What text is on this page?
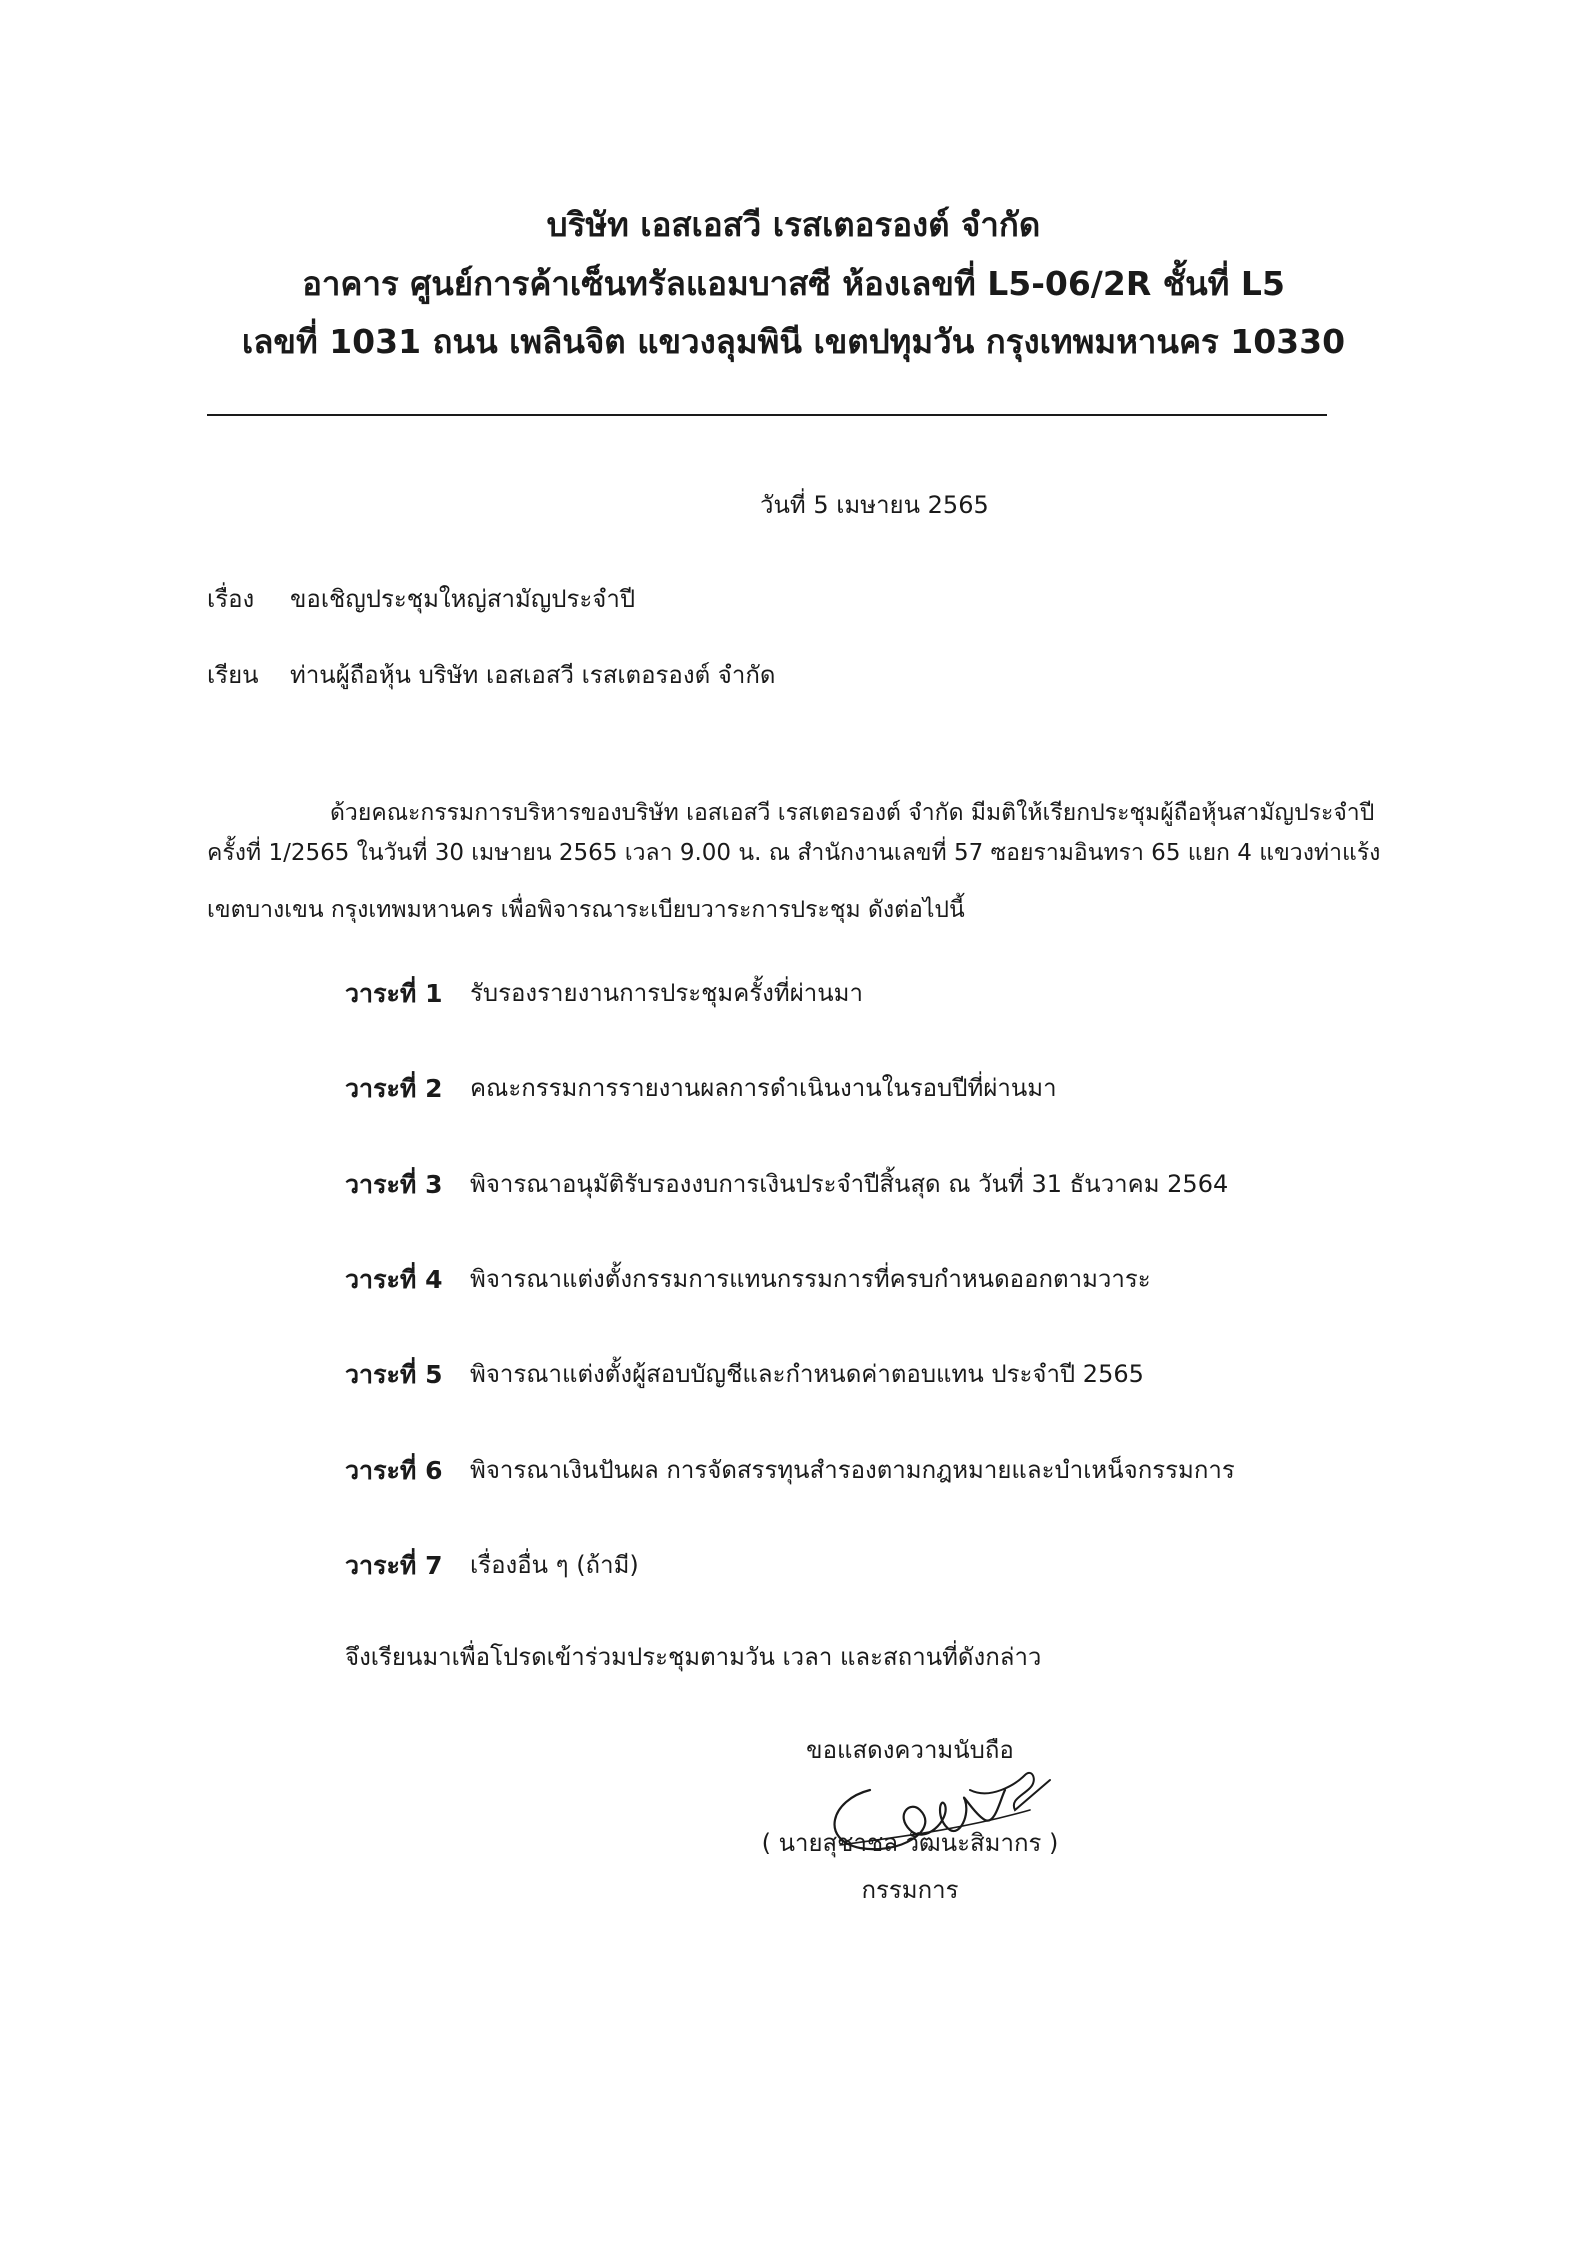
บริษัท เอสเอสวี เรสเตอรองต์ จำกัด
อาคาร ศูนย์การค้าเซ็นทรัลแอมบาสซี ห้องเลขที่ L5-06/2R ชั้นที่ L5
เลขที่ 1031 ถนน เพลินจิต แขวงลุมพินี เขตปทุมวัน กรุงเทพมหานคร 10330
วันที่ 5 เมษายน 2565
เรื่อง ขอเชิญประชุมใหญ่สามัญประจำปี
เรียน ท่านผู้ถือหุ้น บริษัท เอสเอสวี เรสเตอรองต์ จำกัด
ด้วยคณะกรรมการบริหารของบริษัท เอสเอสวี เรสเตอรองต์ จำกัด มีมติให้เรียกประชุมผู้ถือหุ้นสามัญประจำปี
ครั้งที่ 1/2565 ในวันที่ 30 เมษายน 2565 เวลา 9.00 น. ณ สำนักงานเลขที่ 57 ซอยรามอินทรา 65 แยก 4 แขวงท่าแร้ง
เขตบางเขน กรุงเทพมหานคร เพื่อพิจารณาระเบียบวาระการประชุม ดังต่อไปนี้
วาระที่ 1 รับรองรายงานการประชุมครั้งที่ผ่านมา
วาระที่ 2 คณะกรรมการรายงานผลการดำเนินงานในรอบปีที่ผ่านมา
วาระที่ 3 พิจารณาอนุมัติรับรองงบการเงินประจำปีสิ้นสุด ณ วันที่ 31 ธันวาคม 2564
วาระที่ 4 พิจารณาแต่งตั้งกรรมการแทนกรรมการที่ครบกำหนดออกตามวาระ
วาระที่ 5 พิจารณาแต่งตั้งผู้สอบบัญชีและกำหนดค่าตอบแทน ประจำปี 2565
วาระที่ 6 พิจารณาเงินปันผล การจัดสรรทุนสำรองตามกฎหมายและบำเหน็จกรรมการ
วาระที่ 7 เรื่องอื่น ๆ (ถ้ามี)
จึงเรียนมาเพื่อโปรดเข้าร่วมประชุมตามวัน เวลา และสถานที่ดังกล่าว
ขอแสดงความนับถือ
( นายสุชาชล วัฒนะสิมากร )
กรรมการ
